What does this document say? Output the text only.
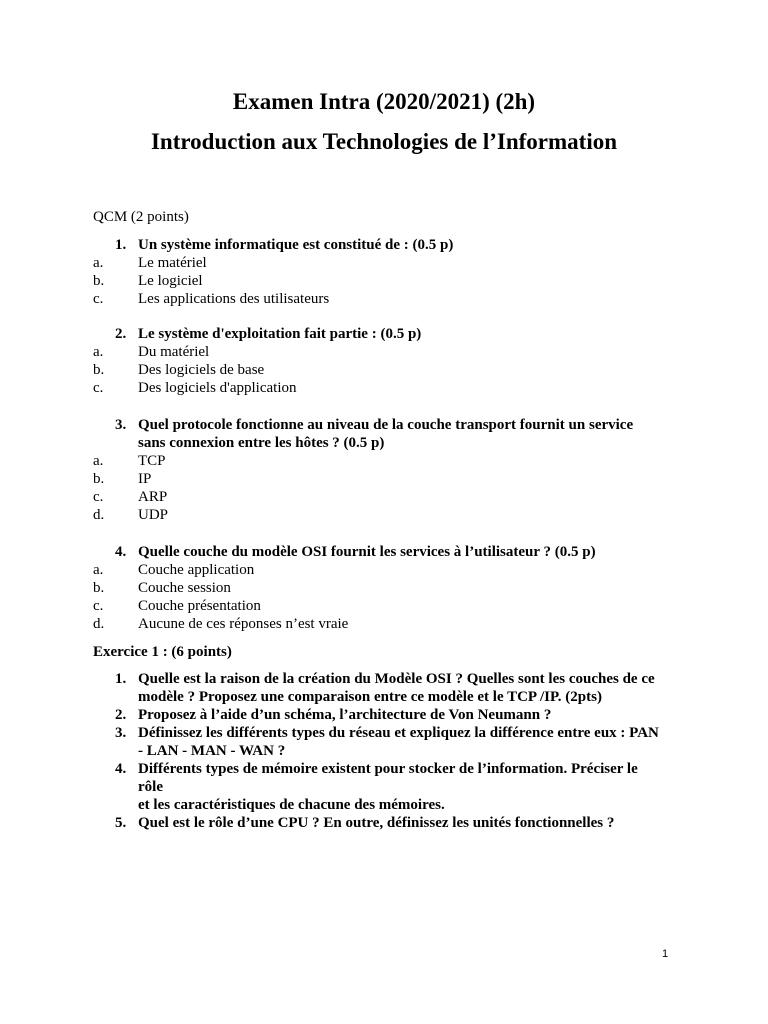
Examen Intra (2020/2021) (2h)
Introduction aux Technologies de l’Information

QCM (2 points)

1. Un système informatique est constitué de : (0.5 p)

a. Le matériel

b. Le logiciel

c. Les applications des utilisateurs

2. Le système d'exploitation fait partie : (0.5 p)

a. Du matériel

b. Des logiciels de base

c. Des logiciels d'application

3. Quel protocole fonctionne au niveau de la couche transport fournit un service

sans connexion entre les hôtes ? (0.5 p)

a. TCP

b. IP

c. ARP

d. UDP

4. Quelle couche du modèle OSI fournit les services à l’utilisateur ? (0.5 p)

a. Couche application

b. Couche session

c. Couche présentation

d. Aucune de ces réponses n’est vraie

Exercice 1 : (6 points)

1. Quelle est la raison de la création du Modèle OSI ? Quelles sont les couches de ce

modèle ? Proposez une comparaison entre ce modèle et le TCP /IP. (2pts)

2. Proposez à l’aide d’un schéma, l’architecture de Von Neumann ?

3. Définissez les différents types du réseau et expliquez la différence entre eux : PAN

- LAN - MAN - WAN ?

4. Différents types de mémoire existent pour stocker de l’information. Préciser le rôle

et les caractéristiques de chacune des mémoires.

5. Quel est le rôle d’une CPU ? En outre, définissez les unités fonctionnelles ?

1
